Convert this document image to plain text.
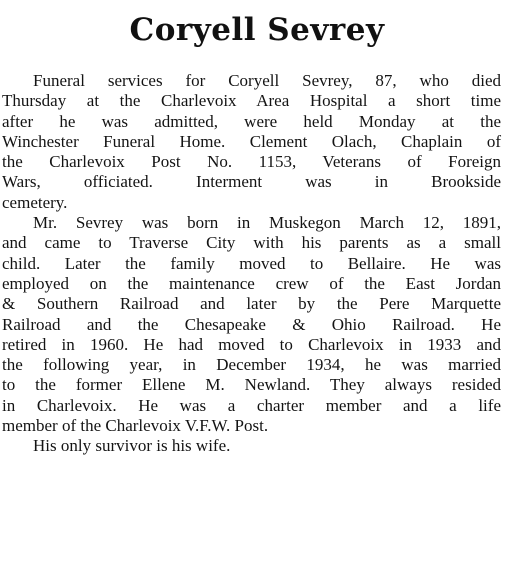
Coryell Sevrey

Funeral services for Coryell Sevrey, 87, who died
Thursday at the Charlevoix Area Hospital a short time
after he was admitted, were held Monday at the
Winchester Funeral Home. Clement Olach, Chaplain of
the Charlevoix Post No. 1153, Veterans of Foreign
Wars, officiated. Interment was in Brookside
cemetery.

Mr. Sevrey was born in Muskegon March 12, 1891,
and came to Traverse City with his parents as a small
child. Later the family moved to Bellaire. He was
employed on the maintenance crew of the East Jordan
& Southern Railroad and later by the Pere Marquette
Railroad and the Chesapeake & Ohio Railroad. He
retired in 1960. He had moved to Charlevoix in 1933 and
the following year, in December 1934, he was married
to the former Ellene M. Newland. They always resided
in Charlevoix. He was a charter member and a life
member of the Charlevoix V.F.W. Post.

His only survivor is his wife.
